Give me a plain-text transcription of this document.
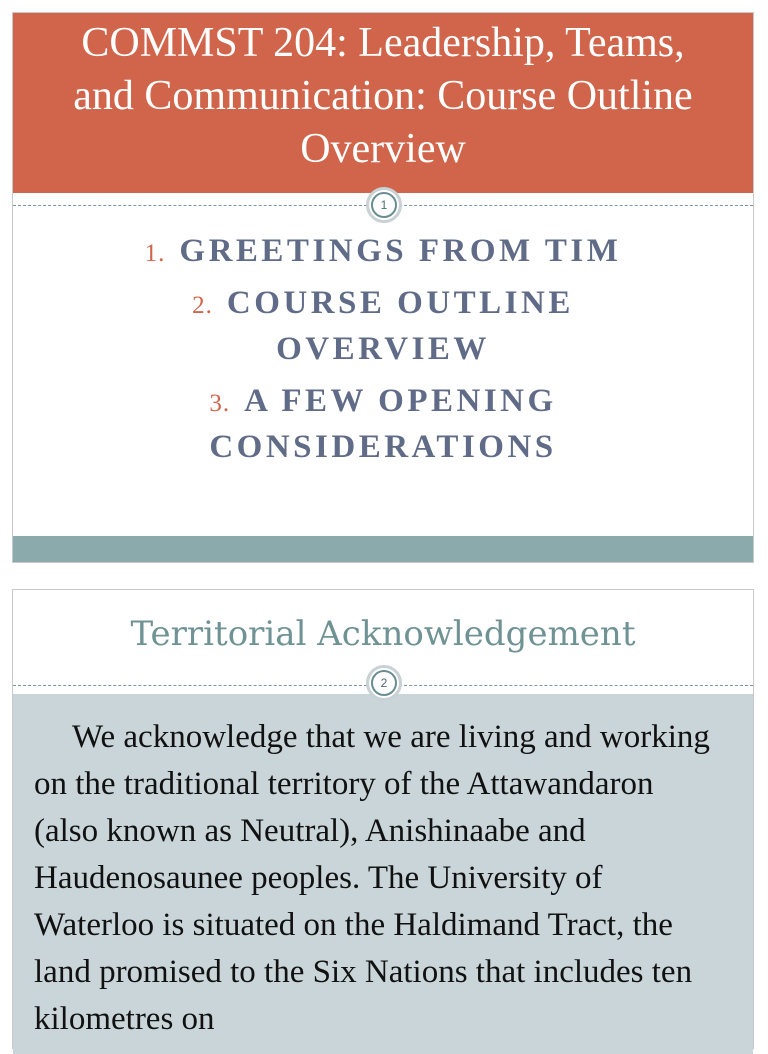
COMMST 204: Leadership, Teams, and Communication: Course Outline Overview
1
1. GREETINGS FROM TIM
2. COURSE OUTLINE OVERVIEW
3. A FEW OPENING CONSIDERATIONS
Territorial Acknowledgement

We acknowledge that we are living and working on the traditional territory of the Attawandaron (also known as Neutral), Anishinaabe and Haudenosaunee peoples. The University of Waterloo is situated on the Haldimand Tract, the land promised to the Six Nations that includes ten kilometres on

2
